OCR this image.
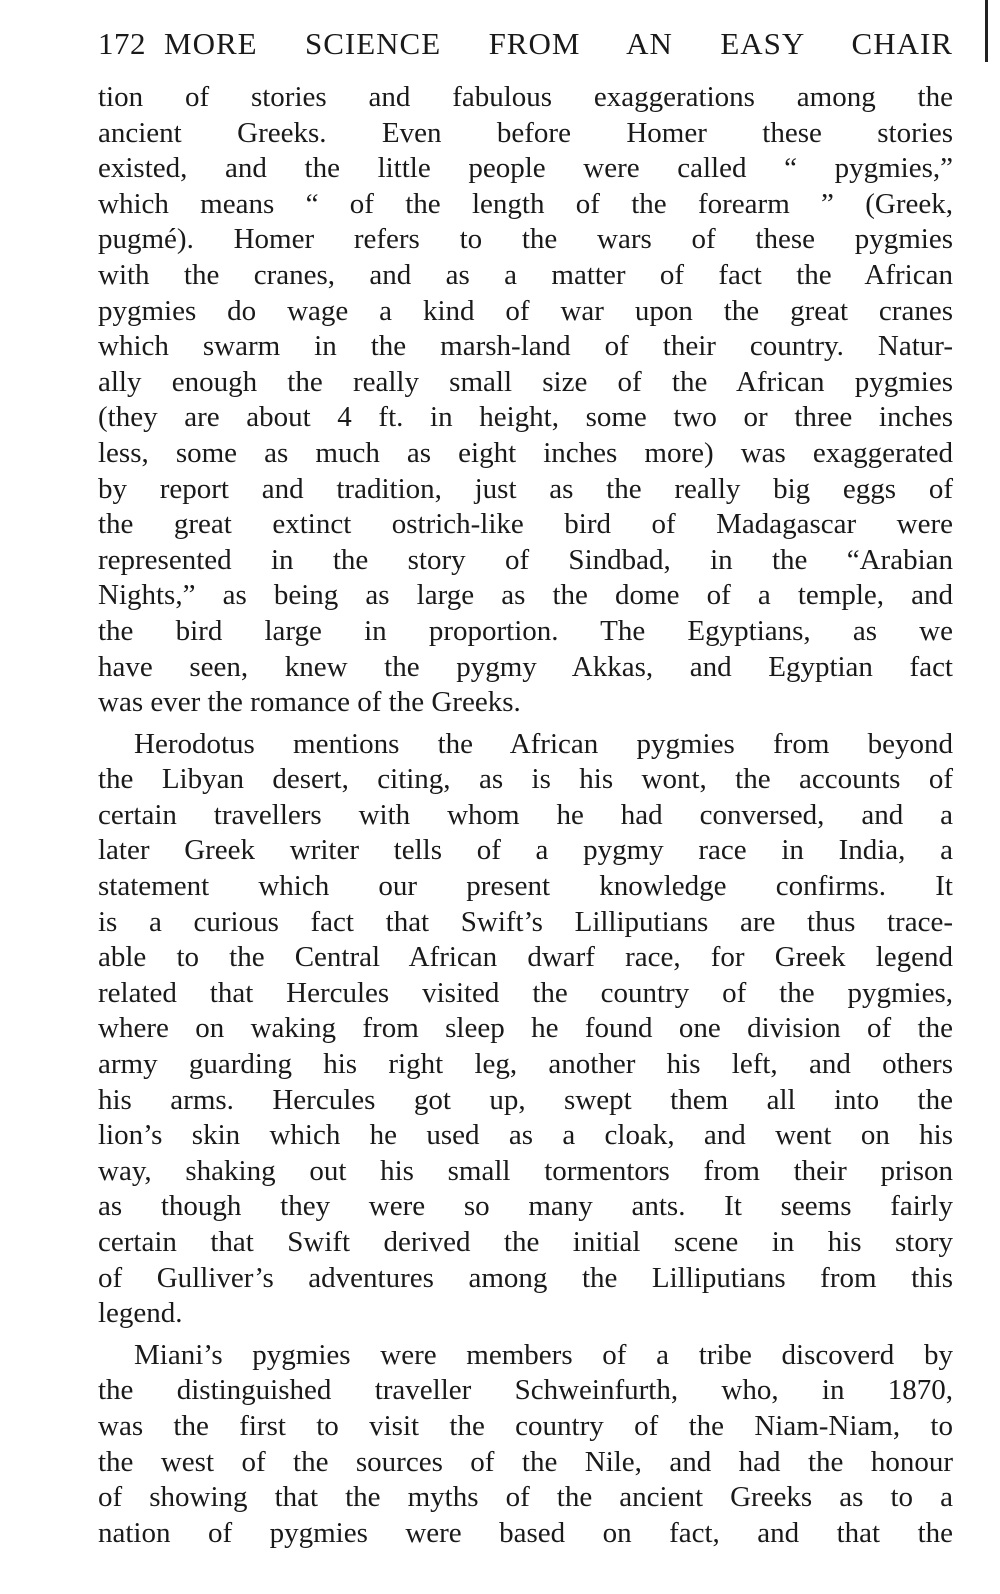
172 MORE SCIENCE FROM AN EASY CHAIR
tion of stories and fabulous exaggerations among the
ancient Greeks. Even before Homer these stories
existed, and the little people were called “ pygmies,”
which means “ of the length of the forearm ” (Greek,
pugmé). Homer refers to the wars of these pygmies
with the cranes, and as a matter of fact the African
pygmies do wage a kind of war upon the great cranes
which swarm in the marsh-land of their country. Natur-
ally enough the really small size of the African pygmies
(they are about 4 ft. in height, some two or three inches
less, some as much as eight inches more) was exaggerated
by report and tradition, just as the really big eggs of
the great extinct ostrich-like bird of Madagascar were
represented in the story of Sindbad, in the “Arabian
Nights,” as being as large as the dome of a temple, and
the bird large in proportion. The Egyptians, as we
have seen, knew the pygmy Akkas, and Egyptian fact
was ever the romance of the Greeks.
Herodotus mentions the African pygmies from beyond
the Libyan desert, citing, as is his wont, the accounts of
certain travellers with whom he had conversed, and a
later Greek writer tells of a pygmy race in India, a
statement which our present knowledge confirms. It
is a curious fact that Swift’s Lilliputians are thus trace-
able to the Central African dwarf race, for Greek legend
related that Hercules visited the country of the pygmies,
where on waking from sleep he found one division of the
army guarding his right leg, another his left, and others
his arms. Hercules got up, swept them all into the
lion’s skin which he used as a cloak, and went on his
way, shaking out his small tormentors from their prison
as though they were so many ants. It seems fairly
certain that Swift derived the initial scene in his story
of Gulliver’s adventures among the Lilliputians from this
legend.
Miani’s pygmies were members of a tribe discoverd by
the distinguished traveller Schweinfurth, who, in 1870,
was the first to visit the country of the Niam-Niam, to
the west of the sources of the Nile, and had the honour
of showing that the myths of the ancient Greeks as to a
nation of pygmies were based on fact, and that the
